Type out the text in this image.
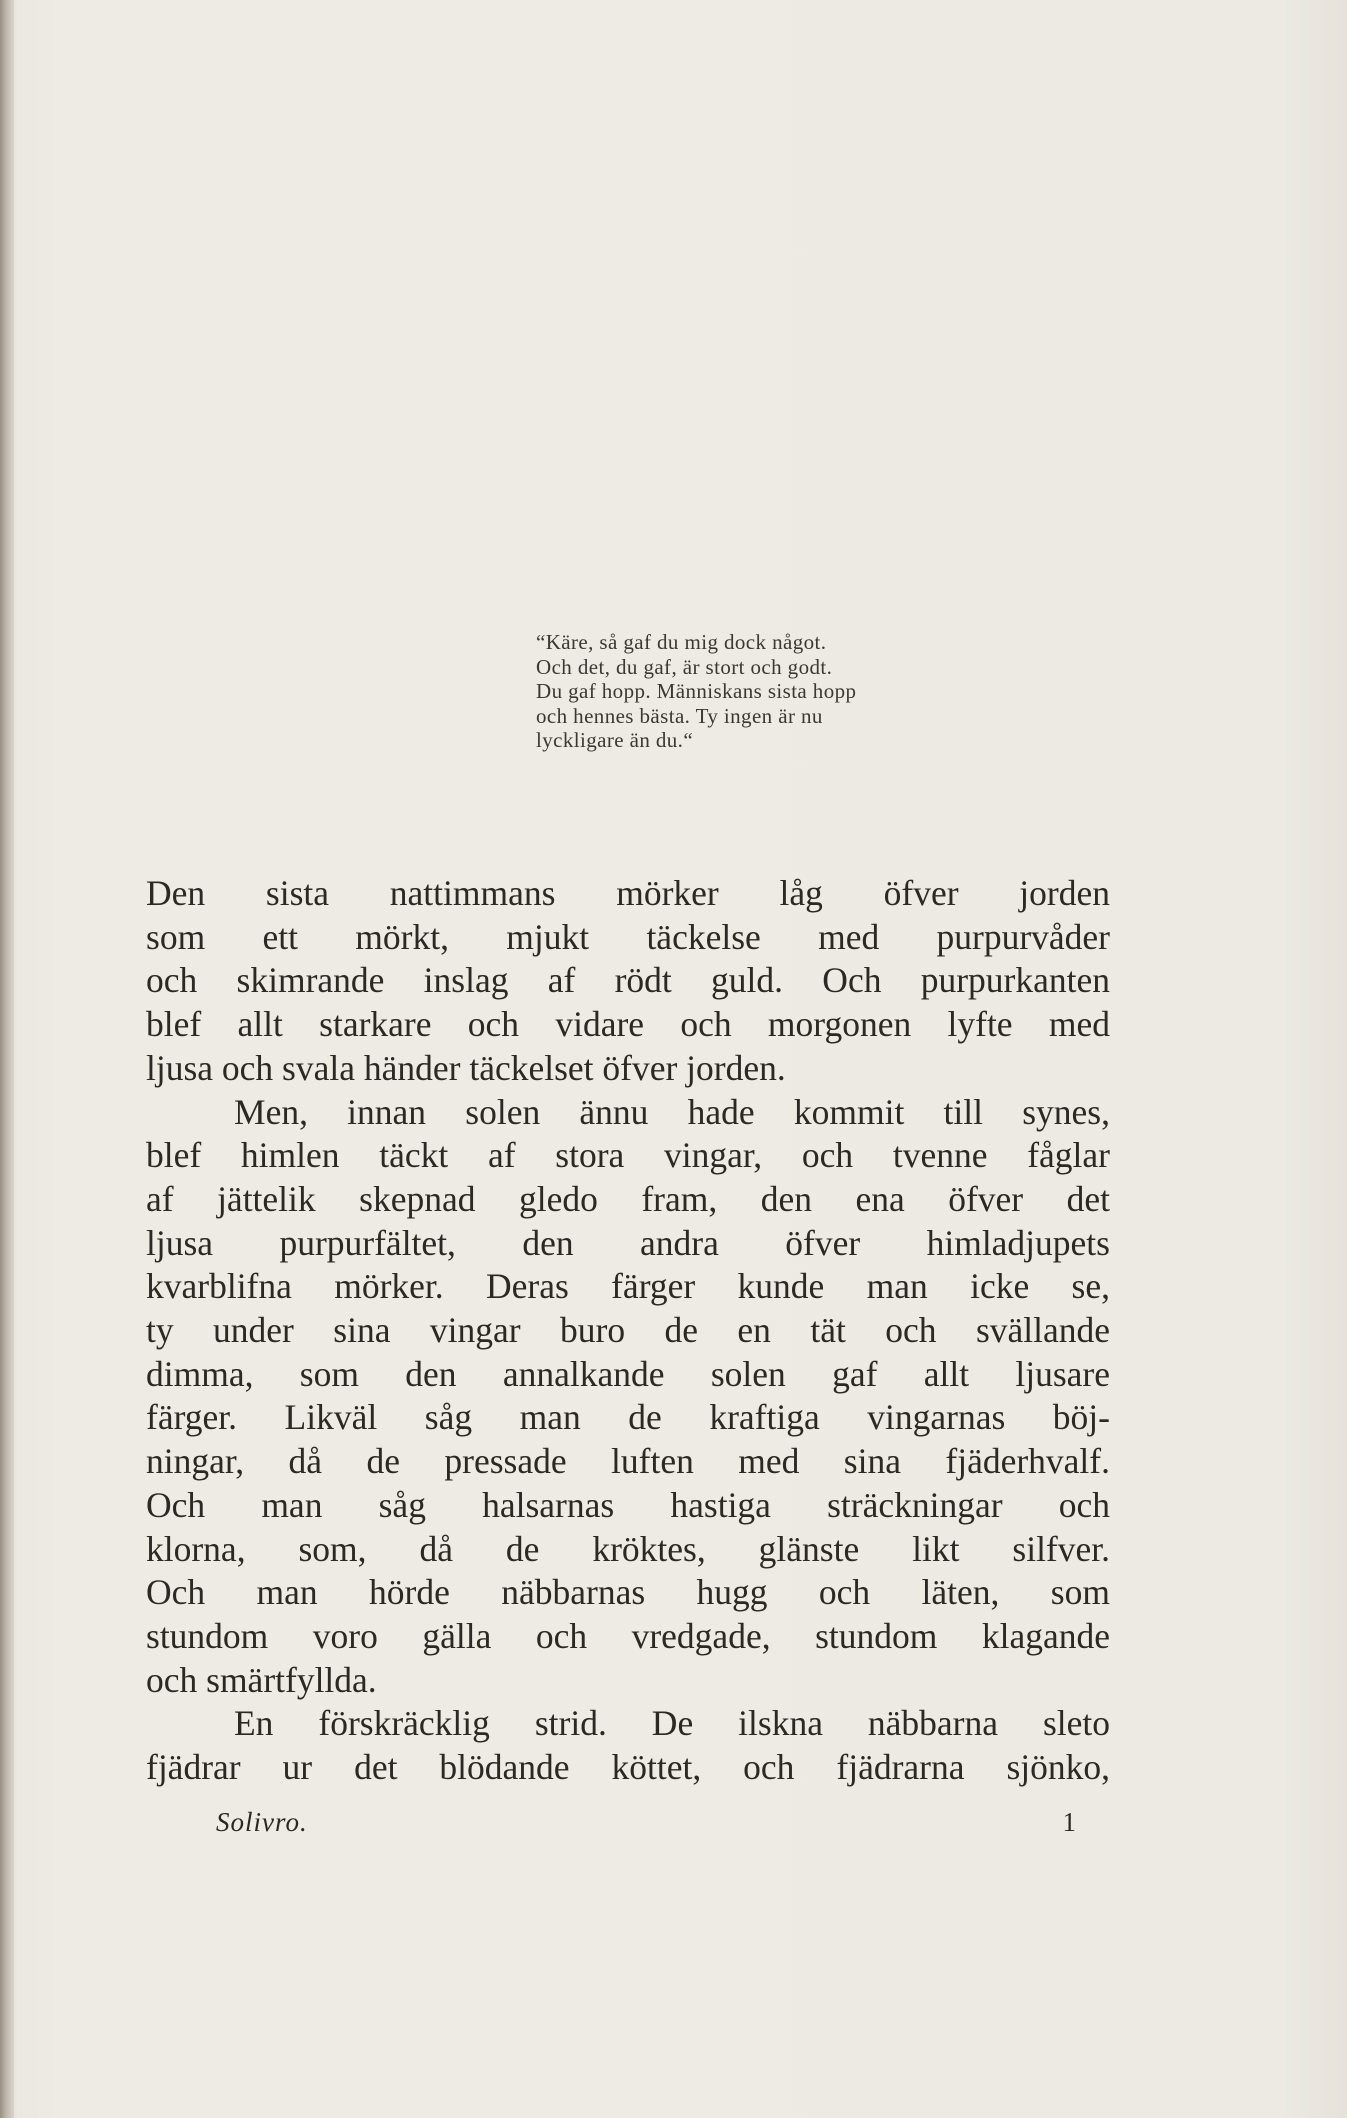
“Käre, så gaf du mig dock något.
Och det, du gaf, är stort och godt.
Du gaf hopp. Människans sista hopp
och hennes bästa. Ty ingen är nu
lyckligare än du.“
Den sista nattimmans mörker låg öfver jorden
som ett mörkt, mjukt täckelse med purpurvåder
och skimrande inslag af rödt guld. Och purpurkanten
blef allt starkare och vidare och morgonen lyfte med
ljusa och svala händer täckelset öfver jorden.
Men, innan solen ännu hade kommit till synes,
blef himlen täckt af stora vingar, och tvenne fåglar
af jättelik skepnad gledo fram, den ena öfver det
ljusa purpurfältet, den andra öfver himladjupets
kvarblifna mörker. Deras färger kunde man icke se,
ty under sina vingar buro de en tät och svällande
dimma, som den annalkande solen gaf allt ljusare
färger. Likväl såg man de kraftiga vingarnas böj-
ningar, då de pressade luften med sina fjäderhvalf.
Och man såg halsarnas hastiga sträckningar och
klorna, som, då de kröktes, glänste likt silfver.
Och man hörde näbbarnas hugg och läten, som
stundom voro gälla och vredgade, stundom klagande
och smärtfyllda.
En förskräcklig strid. De ilskna näbbarna sleto
fjädrar ur det blödande köttet, och fjädrarna sjönko,
Solivro.	1
